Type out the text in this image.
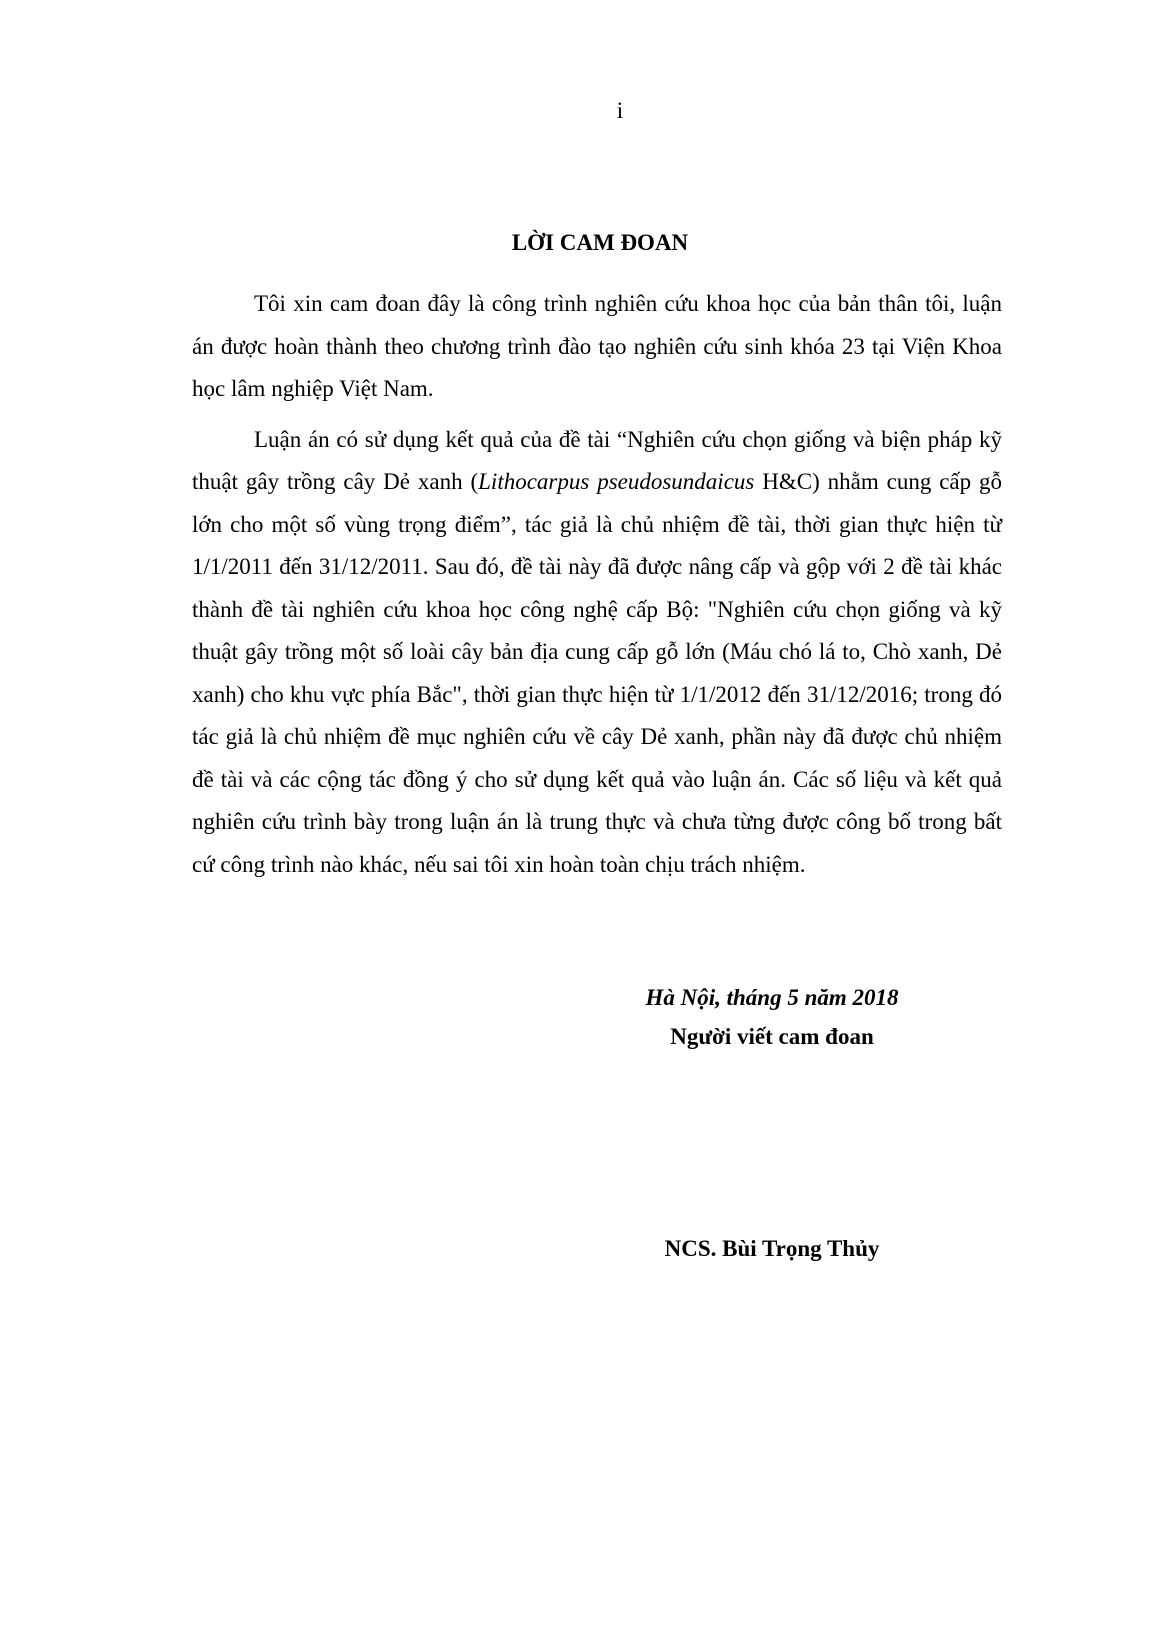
i
LỜI CAM ĐOAN

Tôi xin cam đoan đây là công trình nghiên cứu khoa học của bản thân tôi, luận án được hoàn thành theo chương trình đào tạo nghiên cứu sinh khóa 23 tại Viện Khoa học lâm nghiệp Việt Nam.

Luận án có sử dụng kết quả của đề tài “Nghiên cứu chọn giống và biện pháp kỹ thuật gây trồng cây Dẻ xanh (Lithocarpus pseudosundaicus H&C) nhằm cung cấp gỗ lớn cho một số vùng trọng điểm”, tác giả là chủ nhiệm đề tài, thời gian thực hiện từ 1/1/2011 đến 31/12/2011. Sau đó, đề tài này đã được nâng cấp và gộp với 2 đề tài khác thành đề tài nghiên cứu khoa học công nghệ cấp Bộ: "Nghiên cứu chọn giống và kỹ thuật gây trồng một số loài cây bản địa cung cấp gỗ lớn (Máu chó lá to, Chò xanh, Dẻ xanh) cho khu vực phía Bắc", thời gian thực hiện từ 1/1/2012 đến 31/12/2016; trong đó tác giả là chủ nhiệm đề mục nghiên cứu về cây Dẻ xanh, phần này đã được chủ nhiệm đề tài và các cộng tác đồng ý cho sử dụng kết quả vào luận án. Các số liệu và kết quả nghiên cứu trình bày trong luận án là trung thực và chưa từng được công bố trong bất cứ công trình nào khác, nếu sai tôi xin hoàn toàn chịu trách nhiệm.

Hà Nội, tháng 5 năm 2018
Người viết cam đoan
NCS. Bùi Trọng Thủy
